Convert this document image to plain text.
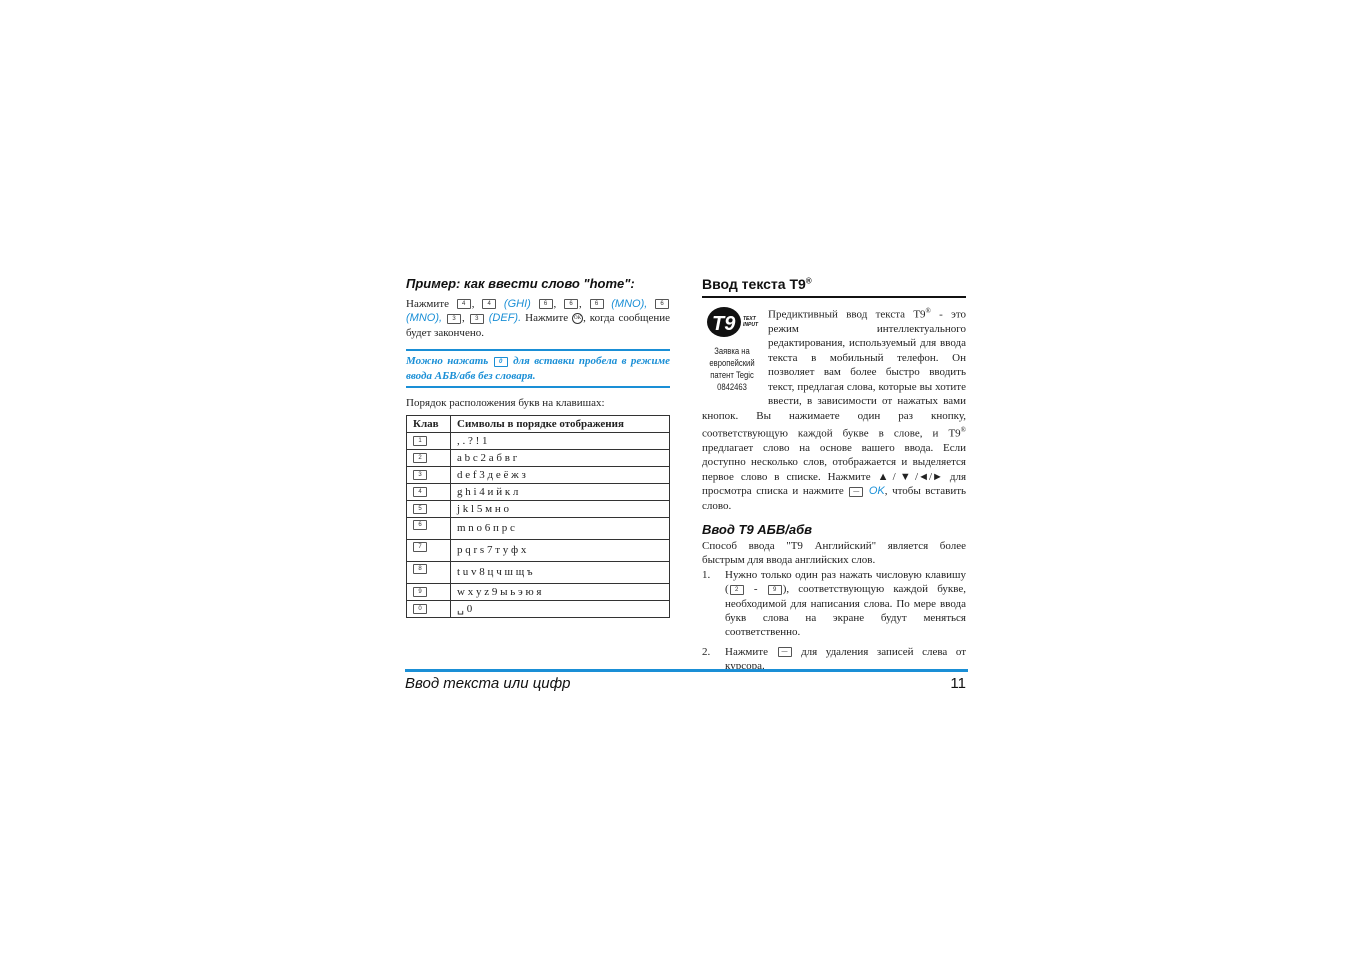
Пример: как ввести слово "home":

Нажмите 4 , 4 (GHI) 6 , 6 , 6 (MNO), 6 (MNO), 3 , 3 (DEF). Нажмите OK , когда сообщение будет закончено.

Можно нажать 0 для вставки пробела в режиме ввода АБВ/абв без словаря.

Порядок расположения букв на клавишах:

Клав	Символы в порядке отображения
1	, . ? ! 1
2	a b c 2 а б в г
3	d e f 3 д е ё ж з
4	g h i 4 и й к л
5	j k l 5 м н о
6	m n o 6 п р с
7	p q r s 7 т у ф х
8	t u v 8 ц ч ш щ ъ
9	w x y z 9 ы ь э ю я
0	␣ 0
Ввод текста T9®
T9 TEXT
INPUT
Заявка на
европейский
патент Tegic
0842463

Предиктивный ввод текста T9® - это режим интеллектуального редактирования, используемый для ввода текста в мобильный телефон. Он позволяет вам более быстро вводить текст, предлагая слова, которые вы хотите ввести, в зависимости от нажатых вами кнопок. Вы нажимаете один раз кнопку, соответствующую каждой букве в слове, и T9® предлагает слово на основе вашего ввода. Если доступно несколько слов, отображается и выделяется первое слово в списке. Нажмите ▲/▼/◄/► для просмотра списка и нажмите — OK, чтобы вставить слово.

Ввод T9 АБВ/абв

Способ ввода "T9 Английский" является более быстрым для ввода английских слов.

1. Нужно только один раз нажать числовую клавишу ( 2 - 9 ), соответствующую каждой букве, необходимой для написания слова. По мере ввода букв слова на экране будут меняться соответственно.
2. Нажмите — для удаления записей слева от курсора.
Ввод текста или цифр	11
